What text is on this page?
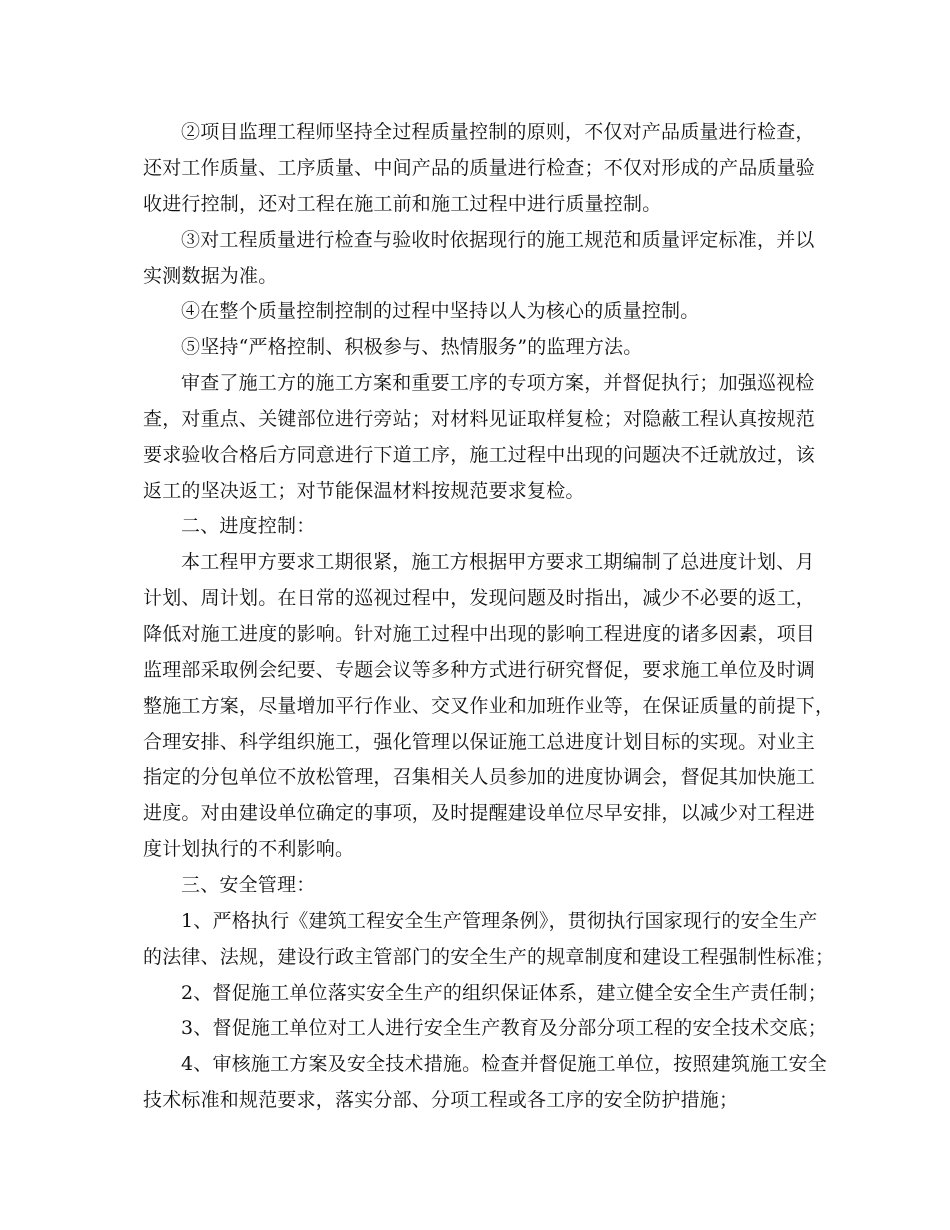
②项目监理工程师坚持全过程质量控制的原则，不仅对产品质量进行检查，
还对工作质量、工序质量、中间产品的质量进行检查；不仅对形成的产品质量验
收进行控制，还对工程在施工前和施工过程中进行质量控制。
③对工程质量进行检查与验收时依据现行的施工规范和质量评定标准，并以
实测数据为准。
④在整个质量控制控制的过程中坚持以人为核心的质量控制。
⑤坚持“严格控制、积极参与、热情服务”的监理方法。
审查了施工方的施工方案和重要工序的专项方案，并督促执行；加强巡视检
查，对重点、关键部位进行旁站；对材料见证取样复检；对隐蔽工程认真按规范
要求验收合格后方同意进行下道工序，施工过程中出现的问题决不迁就放过，该
返工的坚决返工；对节能保温材料按规范要求复检。
二、进度控制：
本工程甲方要求工期很紧，施工方根据甲方要求工期编制了总进度计划、月
计划、周计划。在日常的巡视过程中，发现问题及时指出，减少不必要的返工，
降低对施工进度的影响。针对施工过程中出现的影响工程进度的诸多因素，项目
监理部采取例会纪要、专题会议等多种方式进行研究督促，要求施工单位及时调
整施工方案，尽量增加平行作业、交叉作业和加班作业等，在保证质量的前提下，
合理安排、科学组织施工，强化管理以保证施工总进度计划目标的实现。对业主
指定的分包单位不放松管理，召集相关人员参加的进度协调会，督促其加快施工
进度。对由建设单位确定的事项，及时提醒建设单位尽早安排，以减少对工程进
度计划执行的不利影响。
三、安全管理：
1、严格执行《建筑工程安全生产管理条例》，贯彻执行国家现行的安全生产
的法律、法规，建设行政主管部门的安全生产的规章制度和建设工程强制性标准；
2、督促施工单位落实安全生产的组织保证体系，建立健全安全生产责任制；
3、督促施工单位对工人进行安全生产教育及分部分项工程的安全技术交底；
4、审核施工方案及安全技术措施。检查并督促施工单位，按照建筑施工安全
技术标准和规范要求，落实分部、分项工程或各工序的安全防护措施；
